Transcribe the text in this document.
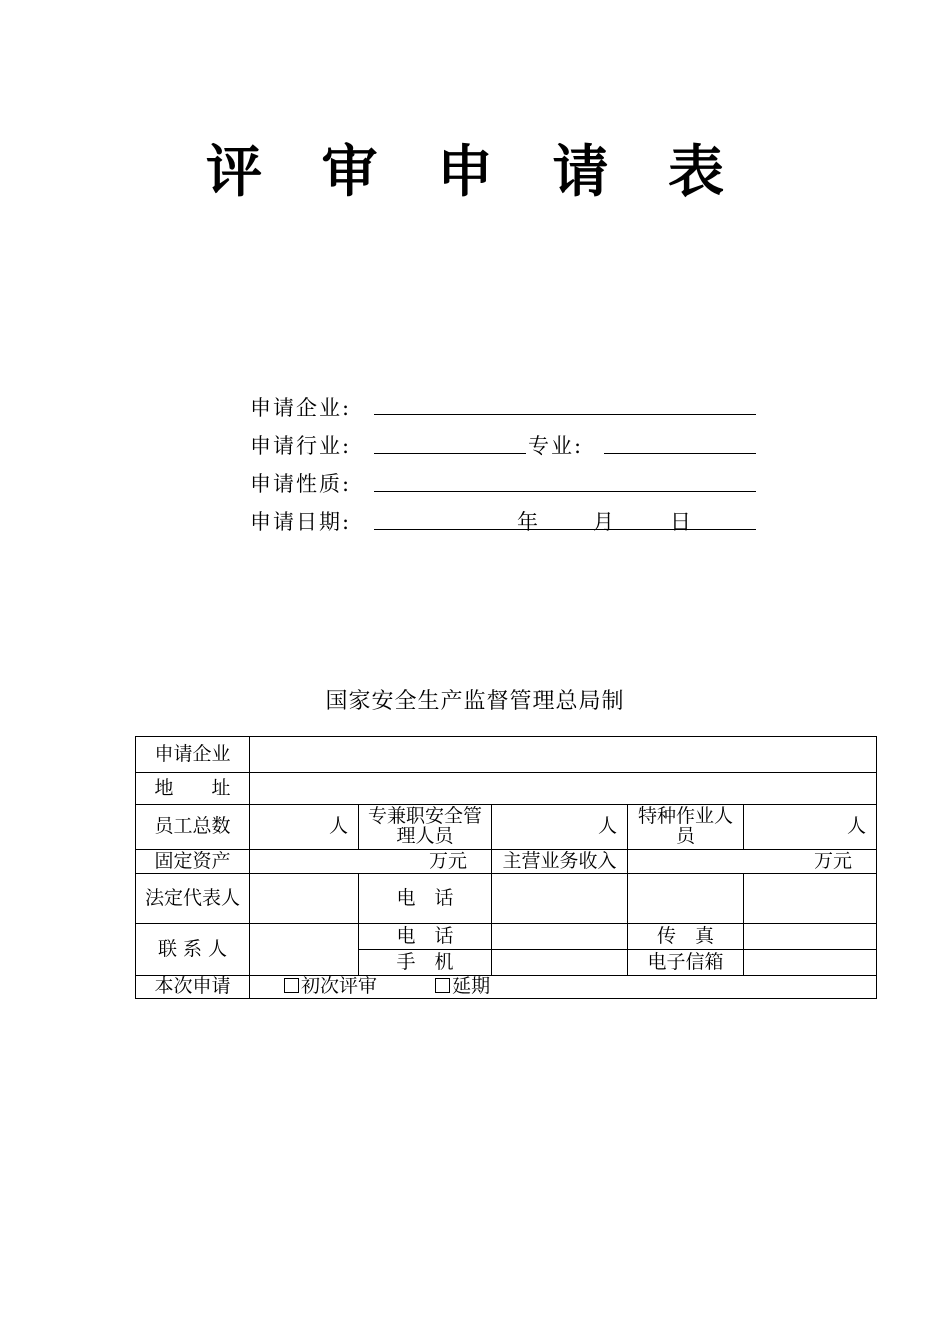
评 审 申 请 表
申请企业:
申请行业:	专业:
申请性质:
申请日期:	年	月	日
国家安全生产监督管理总局制
申请企业					
地　　址					
员工总数	人	专兼职安全管理人员	人	特种作业人　　员	人
固定资产	万元		主营业务收入	万元	
法定代表人		电　话			
联 系 人		电　话		传　真	
		手　机		电子信箱	
本次申请	初次评审 延期				
